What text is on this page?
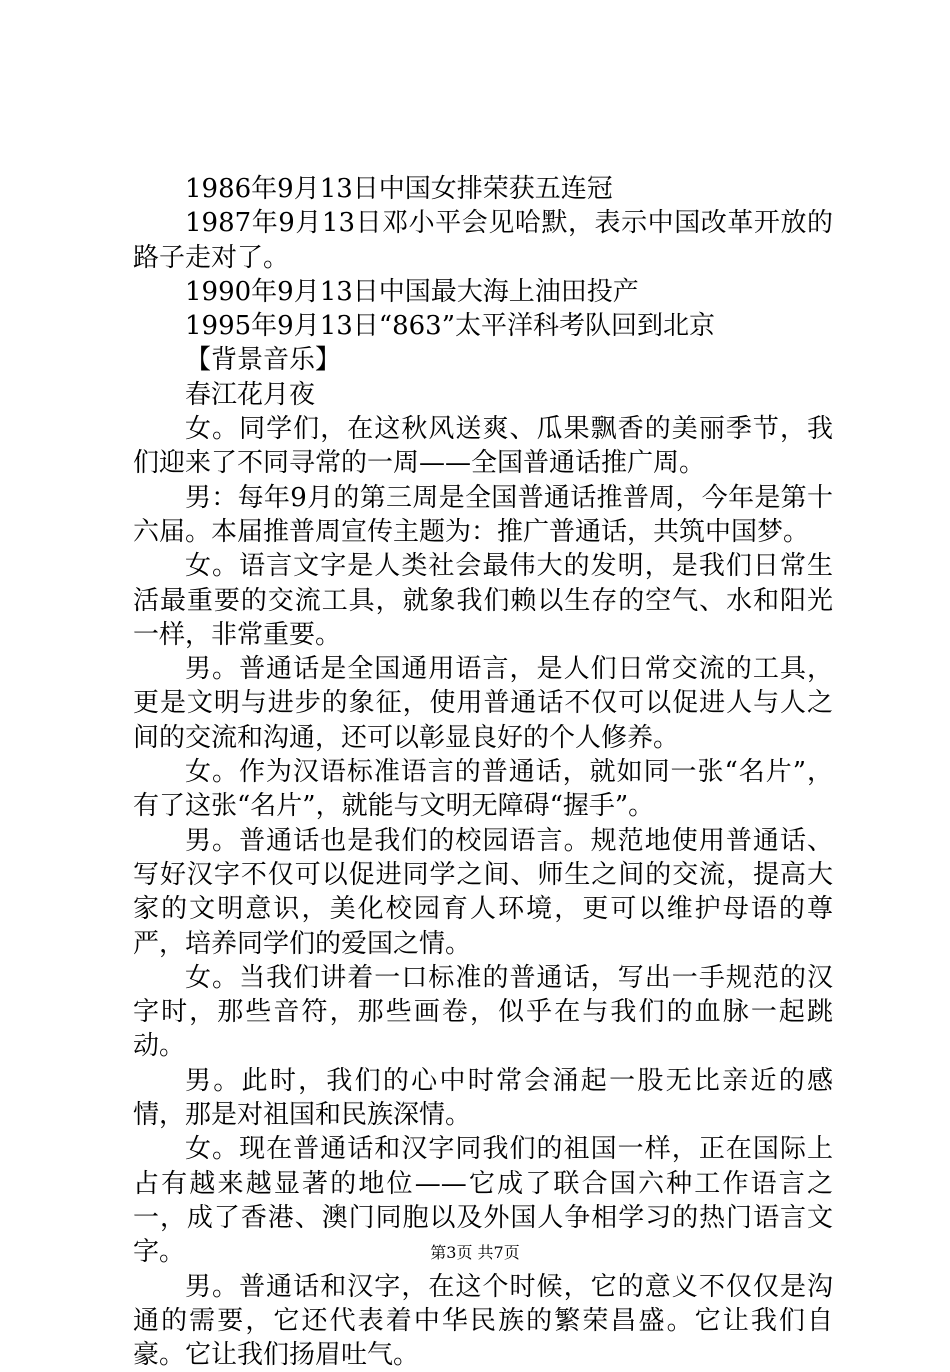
1986年9月13日中国女排荣获五连冠

1987年9月13日邓小平会见哈默，表示中国改革开放的路子走对了。

1990年9月13日中国最大海上油田投产

1995年9月13日“863”太平洋科考队回到北京

【背景音乐】

春江花月夜

女。同学们，在这秋风送爽、瓜果飘香的美丽季节，我们迎来了不同寻常的一周——全国普通话推广周。

男：每年9月的第三周是全国普通话推普周，今年是第十六届。本届推普周宣传主题为：推广普通话，共筑中国梦。

女。语言文字是人类社会最伟大的发明，是我们日常生活最重要的交流工具，就象我们赖以生存的空气、水和阳光一样，非常重要。

男。普通话是全国通用语言，是人们日常交流的工具，更是文明与进步的象征，使用普通话不仅可以促进人与人之间的交流和沟通，还可以彰显良好的个人修养。

女。作为汉语标准语言的普通话，就如同一张“名片”，有了这张“名片”，就能与文明无障碍“握手”。

男。普通话也是我们的校园语言。规范地使用普通话、写好汉字不仅可以促进同学之间、师生之间的交流，提高大家的文明意识，美化校园育人环境，更可以维护母语的尊严，培养同学们的爱国之情。

女。当我们讲着一口标准的普通话，写出一手规范的汉字时，那些音符，那些画卷，似乎在与我们的血脉一起跳动。

男。此时，我们的心中时常会涌起一股无比亲近的感情，那是对祖国和民族深情。

女。现在普通话和汉字同我们的祖国一样，正在国际上占有越来越显著的地位——它成了联合国六种工作语言之一，成了香港、澳门同胞以及外国人争相学习的热门语言文字。

男。普通话和汉字，在这个时候，它的意义不仅仅是沟通的需要，它还代表着中华民族的繁荣昌盛。它让我们自豪。它让我们扬眉吐气。

第3页 共7页
